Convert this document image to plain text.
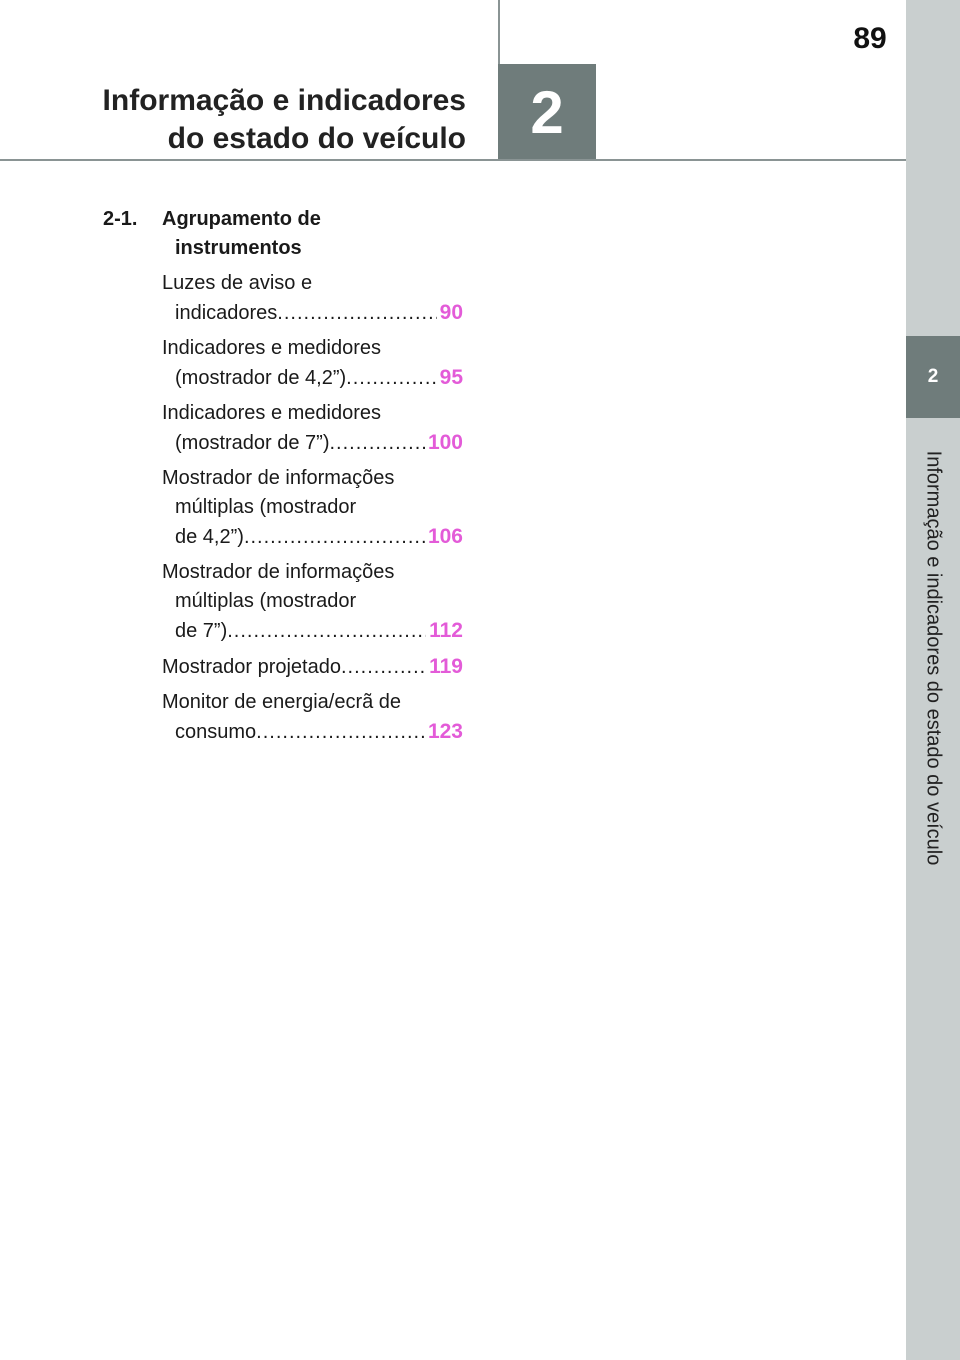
2
Informação e indicadores do estado do veículo
89
2
Informação e indicadores
do estado do veículo
2-1.	Agrupamento de
instrumentos
Luzes de aviso e
indicadores .....	90
Indicadores e medidores
(mostrador de 4,2”) .....	95
Indicadores e medidores
(mostrador de 7”) .....	100
Mostrador de informações
múltiplas (mostrador
de 4,2”) .....	106
Mostrador de informações
múltiplas (mostrador
de 7”) .....	112
Mostrador projetado .....	119
Monitor de energia/ecrã de
consumo .....	123
